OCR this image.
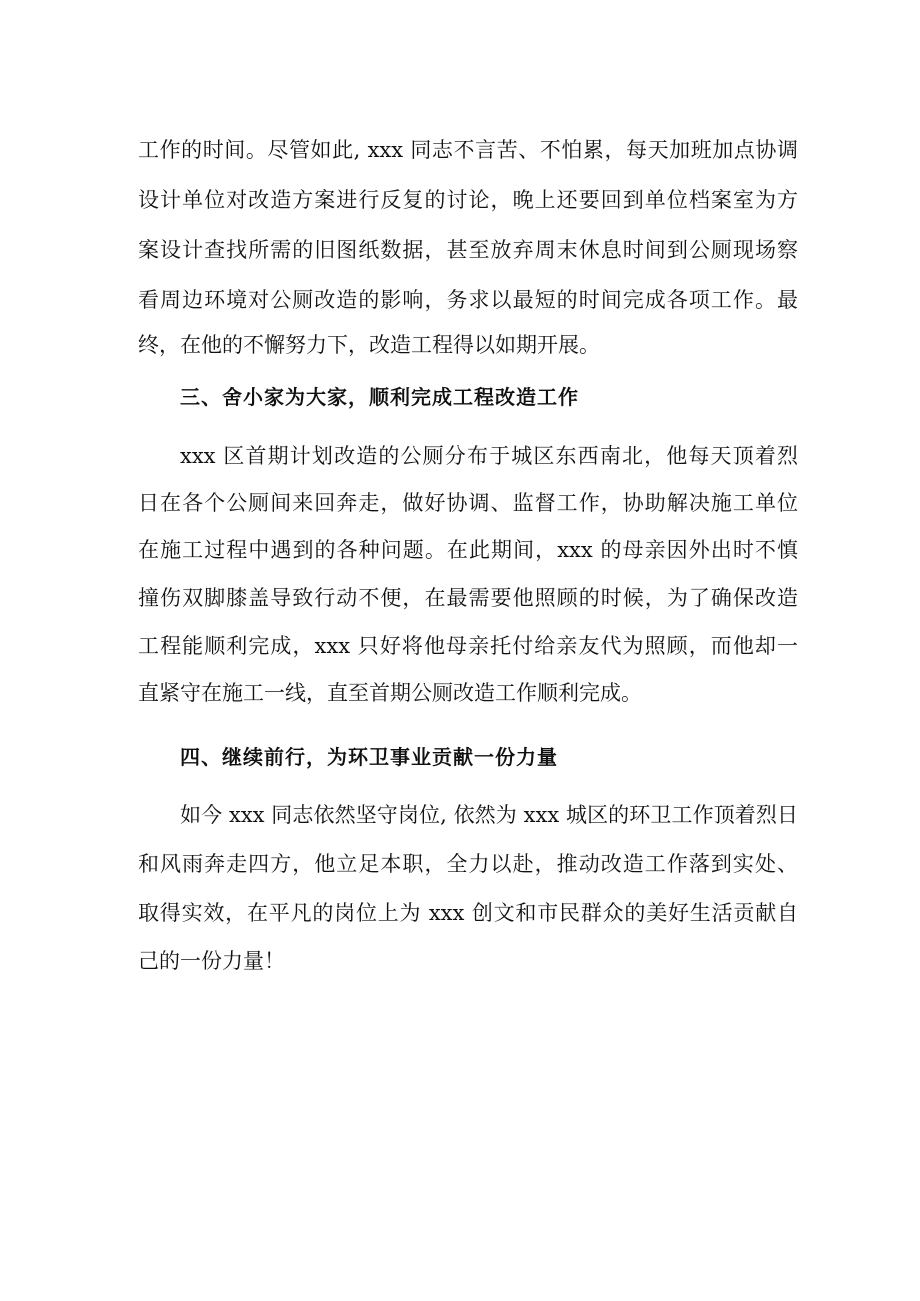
工作的时间。尽管如此, xxx 同志不言苦、不怕累，每天加班加点协调
设计单位对改造方案进行反复的讨论，晚上还要回到单位档案室为方
案设计查找所需的旧图纸数据，甚至放弃周末休息时间到公厕现场察
看周边环境对公厕改造的影响，务求以最短的时间完成各项工作。最
终，在他的不懈努力下，改造工程得以如期开展。
三、舍小家为大家，顺利完成工程改造工作
xxx 区首期计划改造的公厕分布于城区东西南北，他每天顶着烈
日在各个公厕间来回奔走，做好协调、监督工作，协助解决施工单位
在施工过程中遇到的各种问题。在此期间，xxx 的母亲因外出时不慎
撞伤双脚膝盖导致行动不便，在最需要他照顾的时候，为了确保改造
工程能顺利完成，xxx 只好将他母亲托付给亲友代为照顾，而他却一
直紧守在施工一线，直至首期公厕改造工作顺利完成。
四、继续前行，为环卫事业贡献一份力量
如今 xxx 同志依然坚守岗位, 依然为 xxx 城区的环卫工作顶着烈日
和风雨奔走四方，他立足本职，全力以赴，推动改造工作落到实处、
取得实效，在平凡的岗位上为 xxx 创文和市民群众的美好生活贡献自
己的一份力量！
